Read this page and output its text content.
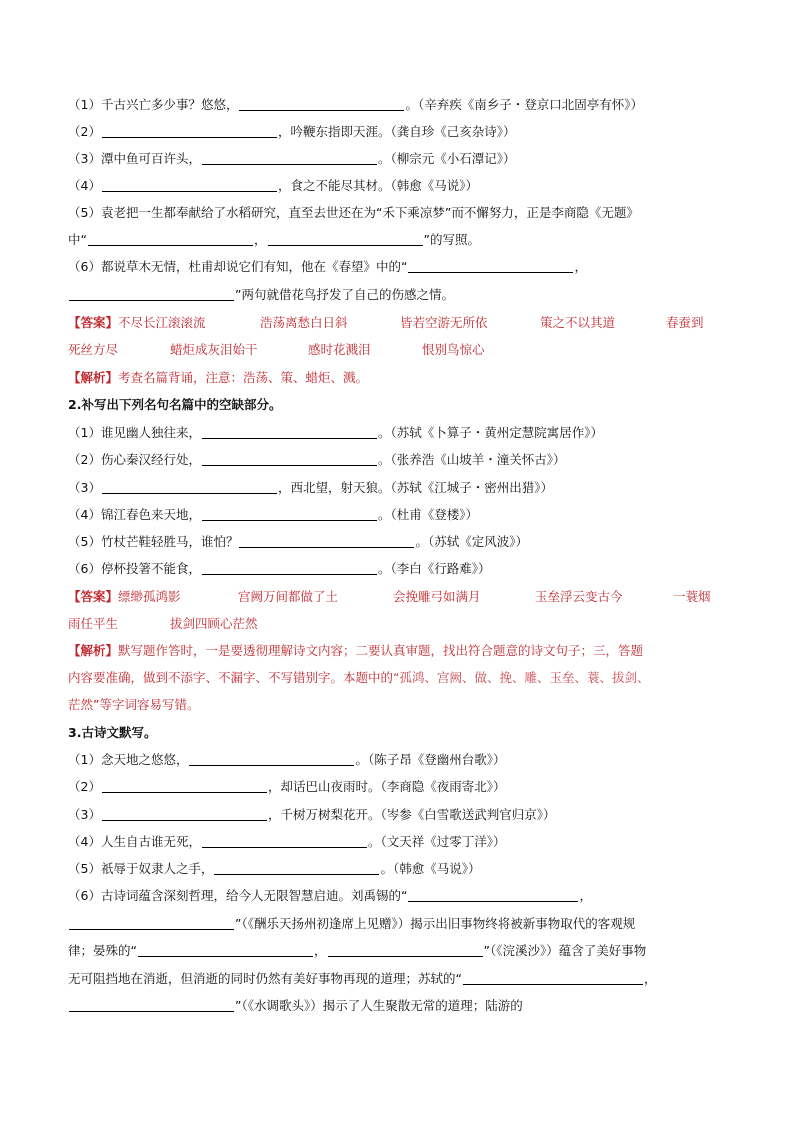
（1）千古兴亡多少事？悠悠，	。（辛弃疾《南乡子・登京口北固亭有怀》）
（2）	，吟鞭东指即天涯。（龚自珍《己亥杂诗》）
（3）潭中鱼可百许头，	。（柳宗元《小石潭记》）
（4）	，食之不能尽其材。（韩愈《马说》）
（5）袁老把一生都奉献给了水稻研究，直至去世还在为“禾下乘凉梦”而不懈努力，正是李商隐《无题》
中“	，	”的写照。
（6）都说草木无情，杜甫却说它们有知，他在《春望》中的“	，
”两句就借花鸟抒发了自己的伤感之情。
【答案】不尽长江滚滚流	浩荡离愁白日斜	皆若空游无所依	策之不以其道	春蚕到
死丝方尽	蜡炬成灰泪始干	感时花溅泪	恨别鸟惊心
【解析】考查名篇背诵，注意：浩荡、策、蜡炬、溅。
2.补写出下列名句名篇中的空缺部分。
（1）谁见幽人独往来，	。（苏轼《卜算子・黄州定慧院寓居作》）
（2）伤心秦汉经行处，	。（张养浩《山坡羊・潼关怀古》）
（3）	，西北望，射天狼。（苏轼《江城子・密州出猎》）
（4）锦江春色来天地，	。（杜甫《登楼》）
（5）竹杖芒鞋轻胜马，谁怕？	。（苏轼《定风波》）
（6）停杯投箸不能食，	。（李白《行路难》）
【答案】缥缈孤鸿影	宫阙万间都做了土	会挽雕弓如满月	玉垒浮云变古今	一蓑烟
雨任平生	拔剑四顾心茫然
【解析】默写题作答时，一是要透彻理解诗文内容；二要认真审题，找出符合题意的诗文句子；三，答题
内容要准确，做到不添字、不漏字、不写错别字。本题中的“孤鸿、宫阙、做、挽、雕、玉垒、蓑、拔剑、
茫然”等字词容易写错。
3.古诗文默写。
（1）念天地之悠悠，	。（陈子昂《登幽州台歌》）
（2）	，却话巴山夜雨时。（李商隐《夜雨寄北》）
（3）	，千树万树梨花开。（岑参《白雪歌送武判官归京》）
（4）人生自古谁无死，	。（文天祥《过零丁洋》）
（5）祇辱于奴隶人之手，	。（韩愈《马说》）
（6）古诗词蕴含深刻哲理，给今人无限智慧启迪。刘禹锡的“	，
”（《酬乐天扬州初逢席上见赠》）揭示出旧事物终将被新事物取代的客观规
律；晏殊的“	，	”（《浣溪沙》）蕴含了美好事物
无可阻挡地在消逝，但消逝的同时仍然有美好事物再现的道理；苏轼的“	，
”（《水调歌头》）揭示了人生聚散无常的道理；陆游的
